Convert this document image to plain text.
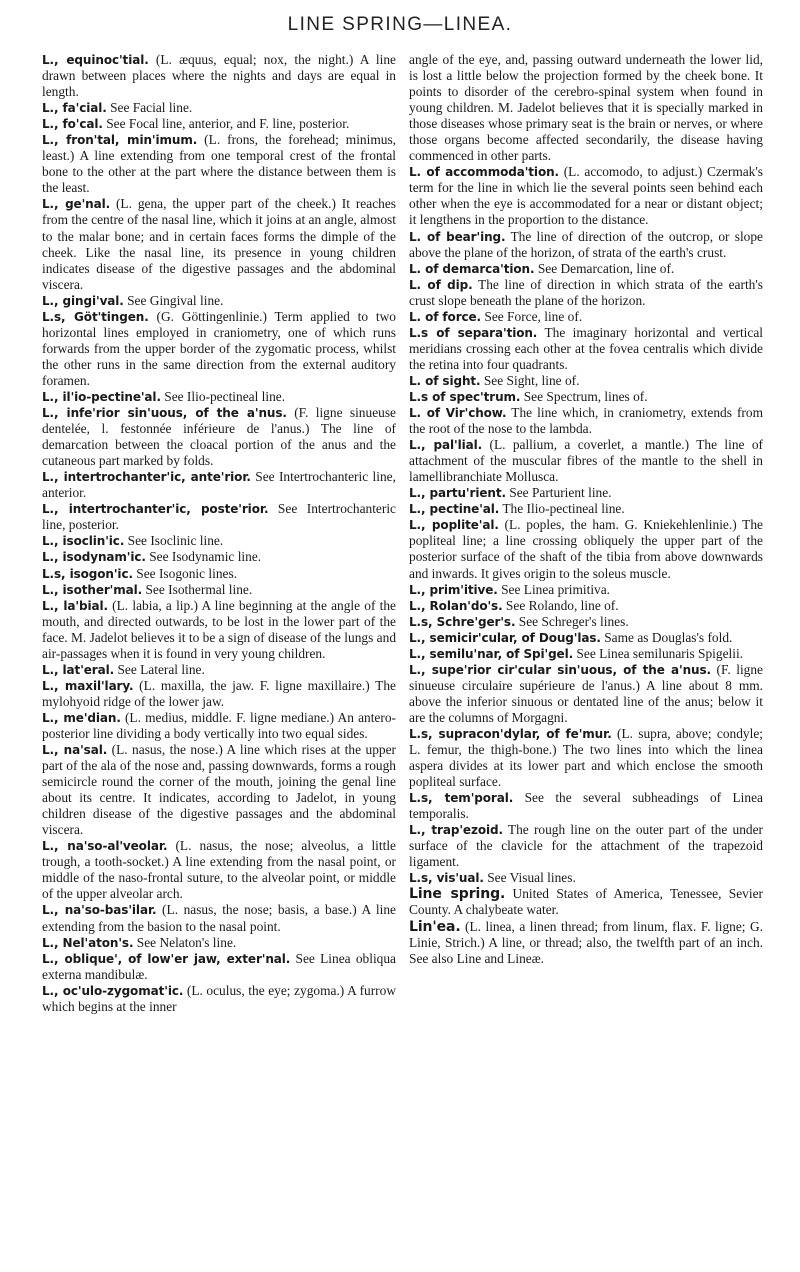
LINE SPRING—LINEA.

L., equinoc'tial. (L. æquus, equal; nox, the night.) A line drawn between places where the nights and days are equal in length.

L., fa'cial. See Facial line.

L., fo'cal. See Focal line, anterior, and F. line, posterior.

L., fron'tal, min'imum. (L. frons, the forehead; minimus, least.) A line extending from one temporal crest of the frontal bone to the other at the part where the distance between them is the least.

L., ge'nal. (L. gena, the upper part of the cheek.) It reaches from the centre of the nasal line, which it joins at an angle, almost to the malar bone; and in certain faces forms the dimple of the cheek. Like the nasal line, its presence in young children indicates disease of the digestive passages and the abdominal viscera.

L., gingi'val. See Gingival line.

L.s, Göt'tingen. (G. Göttingenlinie.) Term applied to two horizontal lines employed in craniometry, one of which runs forwards from the upper border of the zygomatic process, whilst the other runs in the same direction from the external auditory foramen.

L., il'io-pectine'al. See Ilio-pectineal line.

L., infe'rior sin'uous, of the a'nus. (F. ligne sinueuse dentelée, l. festonnée inférieure de l'anus.) The line of demarcation between the cloacal portion of the anus and the cutaneous part marked by folds.

L., intertrochanter'ic, ante'rior. See Intertrochanteric line, anterior.

L., intertrochanter'ic, poste'rior. See Intertrochanteric line, posterior.

L., isoclin'ic. See Isoclinic line.

L., isodynam'ic. See Isodynamic line.

L.s, isogon'ic. See Isogonic lines.

L., isother'mal. See Isothermal line.

L., la'bial. (L. labia, a lip.) A line beginning at the angle of the mouth, and directed outwards, to be lost in the lower part of the face. M. Jadelot believes it to be a sign of disease of the lungs and air-passages when it is found in very young children.

L., lat'eral. See Lateral line.

L., maxil'lary. (L. maxilla, the jaw. F. ligne maxillaire.) The mylohyoid ridge of the lower jaw.

L., me'dian. (L. medius, middle. F. ligne mediane.) An antero-posterior line dividing a body vertically into two equal sides.

L., na'sal. (L. nasus, the nose.) A line which rises at the upper part of the ala of the nose and, passing downwards, forms a rough semicircle round the corner of the mouth, joining the genal line about its centre. It indicates, according to Jadelot, in young children disease of the digestive passages and the abdominal viscera.

L., na'so-al'veolar. (L. nasus, the nose; alveolus, a little trough, a tooth-socket.) A line extending from the nasal point, or middle of the naso-frontal suture, to the alveolar point, or middle of the upper alveolar arch.

L., na'so-bas'ilar. (L. nasus, the nose; basis, a base.) A line extending from the basion to the nasal point.

L., Nel'aton's. See Nelaton's line.

L., oblique', of low'er jaw, exter'nal. See Linea obliqua externa mandibulæ.

L., oc'ulo-zygomat'ic. (L. oculus, the eye; zygoma.) A furrow which begins at the inner

angle of the eye, and, passing outward underneath the lower lid, is lost a little below the projection formed by the cheek bone. It points to disorder of the cerebro-spinal system when found in young children. M. Jadelot believes that it is specially marked in those diseases whose primary seat is the brain or nerves, or where those organs become affected secondarily, the disease having commenced in other parts.

L. of accommoda'tion. (L. accomodo, to adjust.) Czermak's term for the line in which lie the several points seen behind each other when the eye is accommodated for a near or distant object; it lengthens in the proportion to the distance.

L. of bear'ing. The line of direction of the outcrop, or slope above the plane of the horizon, of strata of the earth's crust.

L. of demarca'tion. See Demarcation, line of.

L. of dip. The line of direction in which strata of the earth's crust slope beneath the plane of the horizon.

L. of force. See Force, line of.

L.s of separa'tion. The imaginary horizontal and vertical meridians crossing each other at the fovea centralis which divide the retina into four quadrants.

L. of sight. See Sight, line of.

L.s of spec'trum. See Spectrum, lines of.

L. of Vir'chow. The line which, in craniometry, extends from the root of the nose to the lambda.

L., pal'lial. (L. pallium, a coverlet, a mantle.) The line of attachment of the muscular fibres of the mantle to the shell in lamellibranchiate Mollusca.

L., partu'rient. See Parturient line.

L., pectine'al. The Ilio-pectineal line.

L., poplite'al. (L. poples, the ham. G. Kniekehlenlinie.) The popliteal line; a line crossing obliquely the upper part of the posterior surface of the shaft of the tibia from above downwards and inwards. It gives origin to the soleus muscle.

L., prim'itive. See Linea primitiva.

L., Rolan'do's. See Rolando, line of.

L.s, Schre'ger's. See Schreger's lines.

L., semicir'cular, of Doug'las. Same as Douglas's fold.

L., semilu'nar, of Spi'gel. See Linea semilunaris Spigelii.

L., supe'rior cir'cular sin'uous, of the a'nus. (F. ligne sinueuse circulaire supérieure de l'anus.) A line about 8 mm. above the inferior sinuous or dentated line of the anus; below it are the columns of Morgagni.

L.s, supracon'dylar, of fe'mur. (L. supra, above; condyle; L. femur, the thigh-bone.) The two lines into which the linea aspera divides at its lower part and which enclose the smooth popliteal surface.

L.s, tem'poral. See the several subheadings of Linea temporalis.

L., trap'ezoid. The rough line on the outer part of the under surface of the clavicle for the attachment of the trapezoid ligament.

L.s, vis'ual. See Visual lines.

Line spring. United States of America, Tenessee, Sevier County. A chalybeate water.

Lin'ea. (L. linea, a linen thread; from linum, flax. F. ligne; G. Linie, Strich.) A line, or thread; also, the twelfth part of an inch. See also Line and Lineæ.
